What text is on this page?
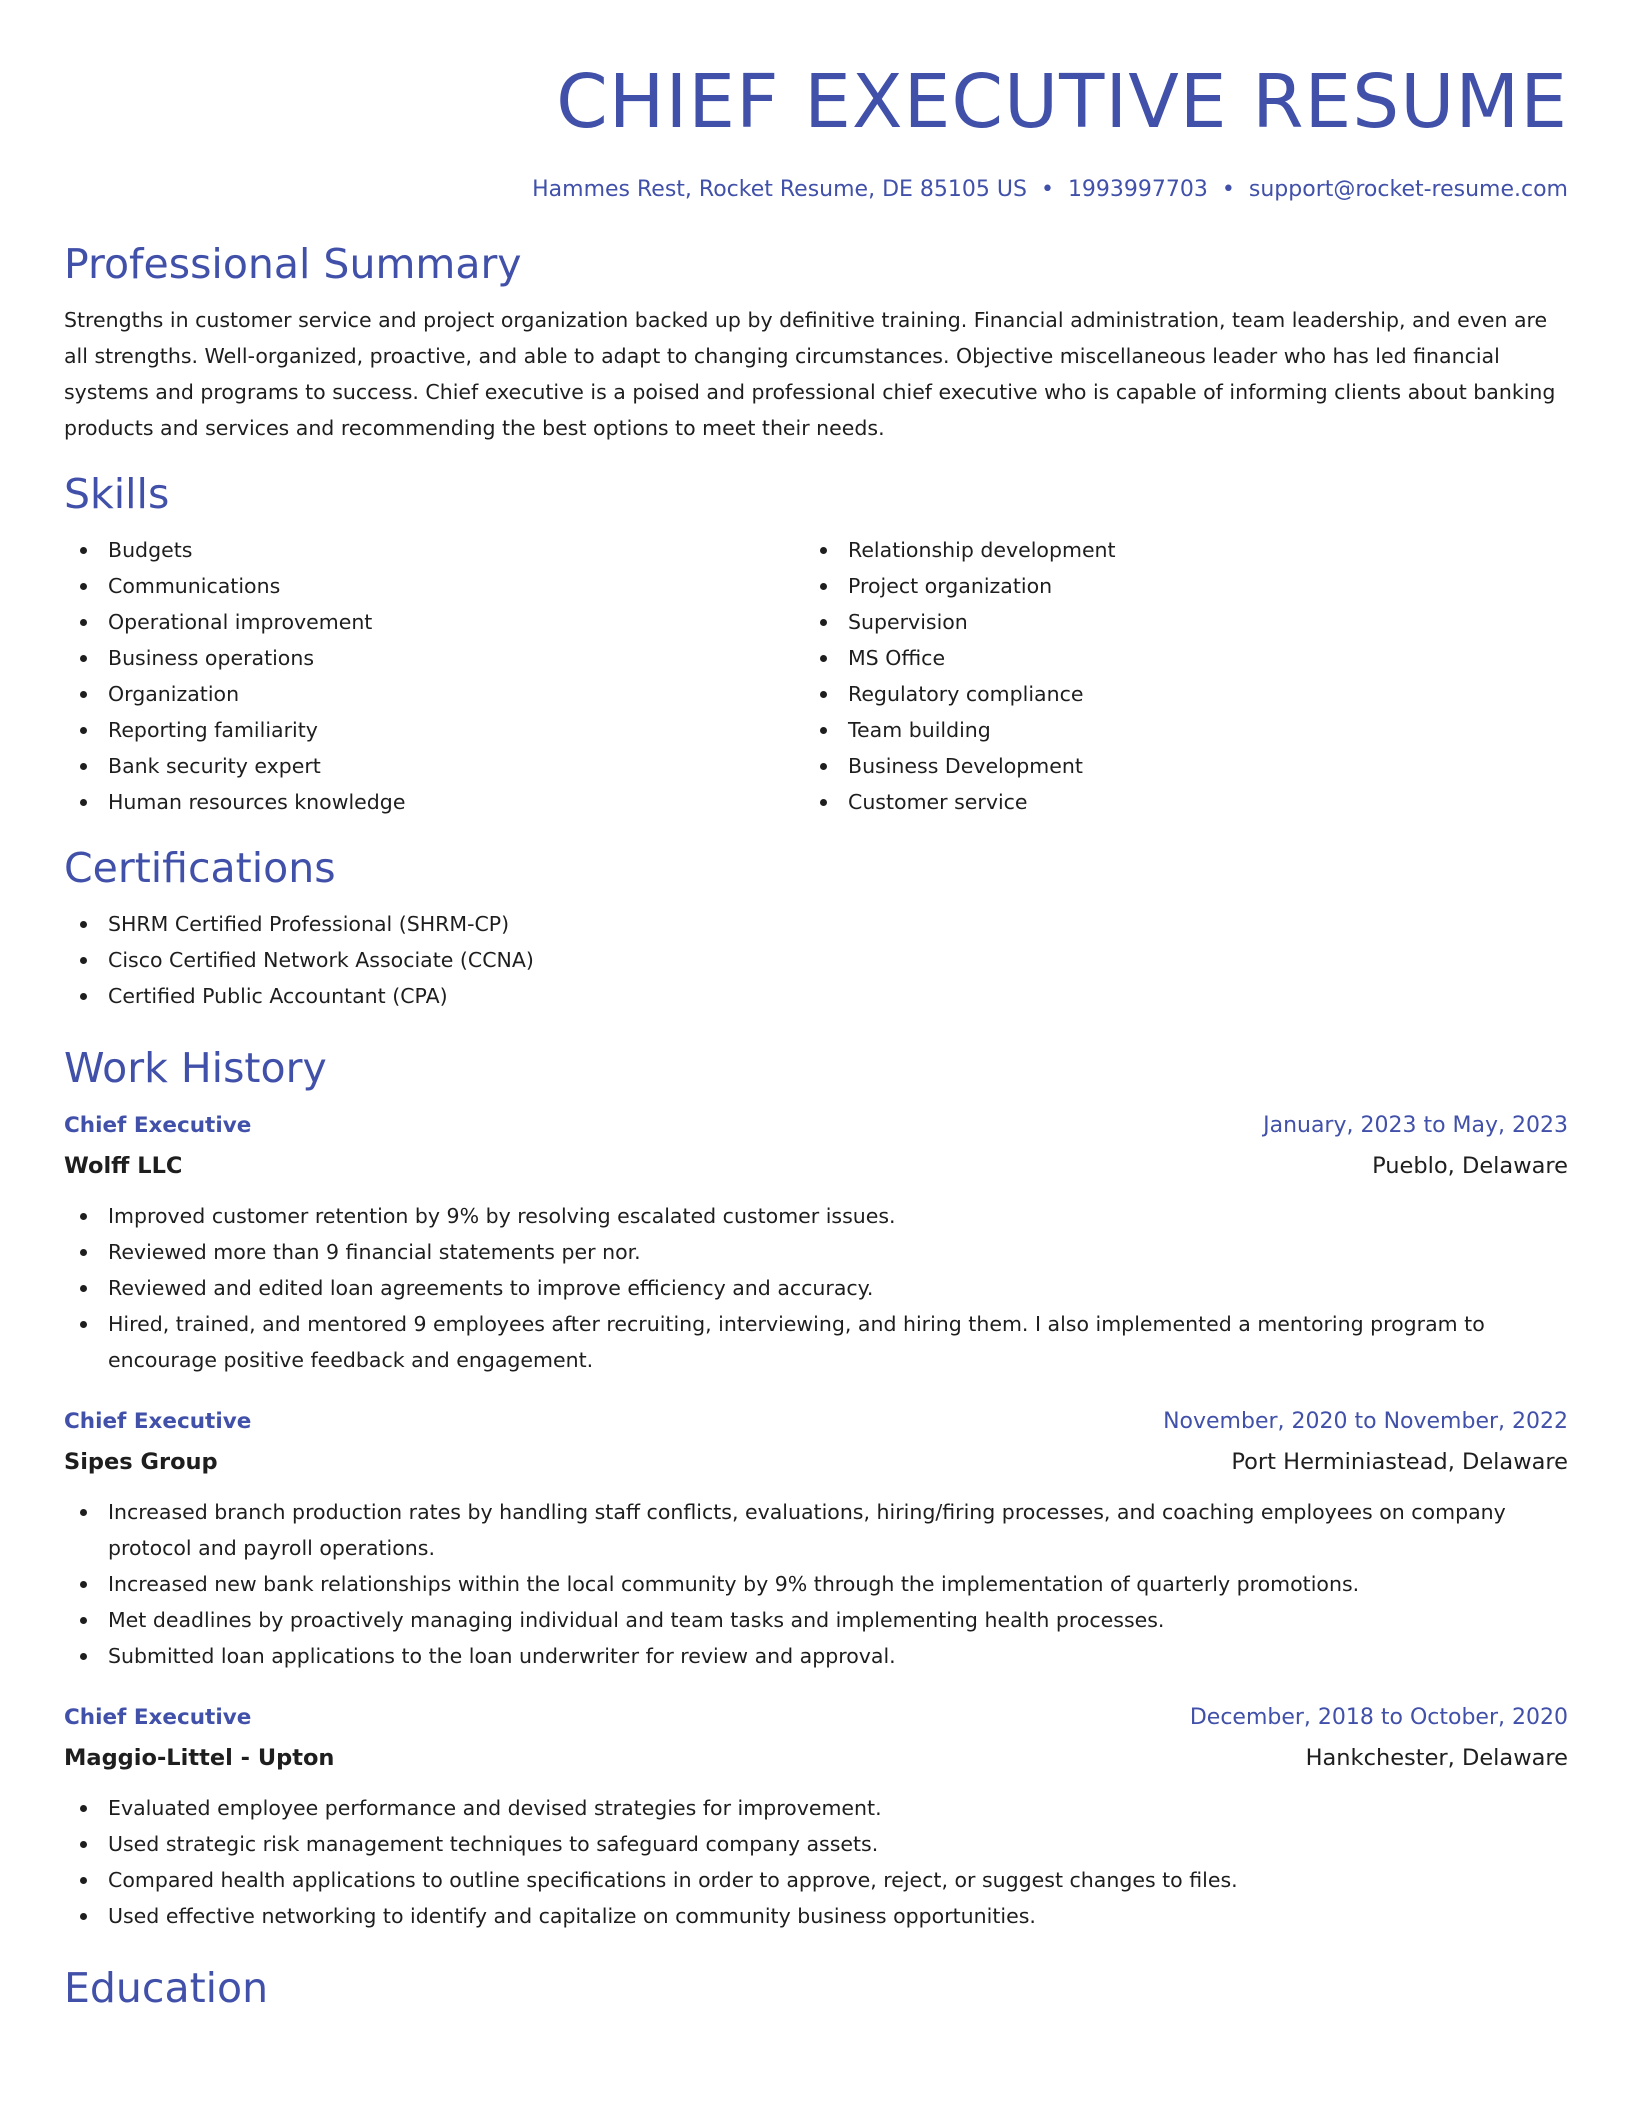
CHIEF EXECUTIVE RESUME
Hammes Rest, Rocket Resume, DE 85105 US • 1993997703 • support@rocket-resume.com
Professional Summary

Strengths in customer service and project organization backed up by definitive training. Financial administration, team leadership, and even are all strengths. Well-organized, proactive, and able to adapt to changing circumstances. Objective miscellaneous leader who has led financial systems and programs to success. Chief executive is a poised and professional chief executive who is capable of informing clients about banking products and services and recommending the best options to meet their needs.

Skills
Budgets
Communications
Operational improvement
Business operations
Organization
Reporting familiarity
Bank security expert
Human resources knowledge
Relationship development
Project organization
Supervision
MS Office
Regulatory compliance
Team building
Business Development
Customer service
Certifications
SHRM Certified Professional (SHRM-CP)
Cisco Certified Network Associate (CCNA)
Certified Public Accountant (CPA)
Work History
Chief Executive	January, 2023 to May, 2023
Wolff LLC	Pueblo, Delaware
Improved customer retention by 9% by resolving escalated customer issues.
Reviewed more than 9 financial statements per nor.
Reviewed and edited loan agreements to improve efficiency and accuracy.
Hired, trained, and mentored 9 employees after recruiting, interviewing, and hiring them. I also implemented a mentoring program to encourage positive feedback and engagement.
Chief Executive	November, 2020 to November, 2022
Sipes Group	Port Herminiastead, Delaware
Increased branch production rates by handling staff conflicts, evaluations, hiring/firing processes, and coaching employees on company protocol and payroll operations.
Increased new bank relationships within the local community by 9% through the implementation of quarterly promotions.
Met deadlines by proactively managing individual and team tasks and implementing health processes.
Submitted loan applications to the loan underwriter for review and approval.
Chief Executive	December, 2018 to October, 2020
Maggio-Littel - Upton	Hankchester, Delaware
Evaluated employee performance and devised strategies for improvement.
Used strategic risk management techniques to safeguard company assets.
Compared health applications to outline specifications in order to approve, reject, or suggest changes to files.
Used effective networking to identify and capitalize on community business opportunities.
Education
